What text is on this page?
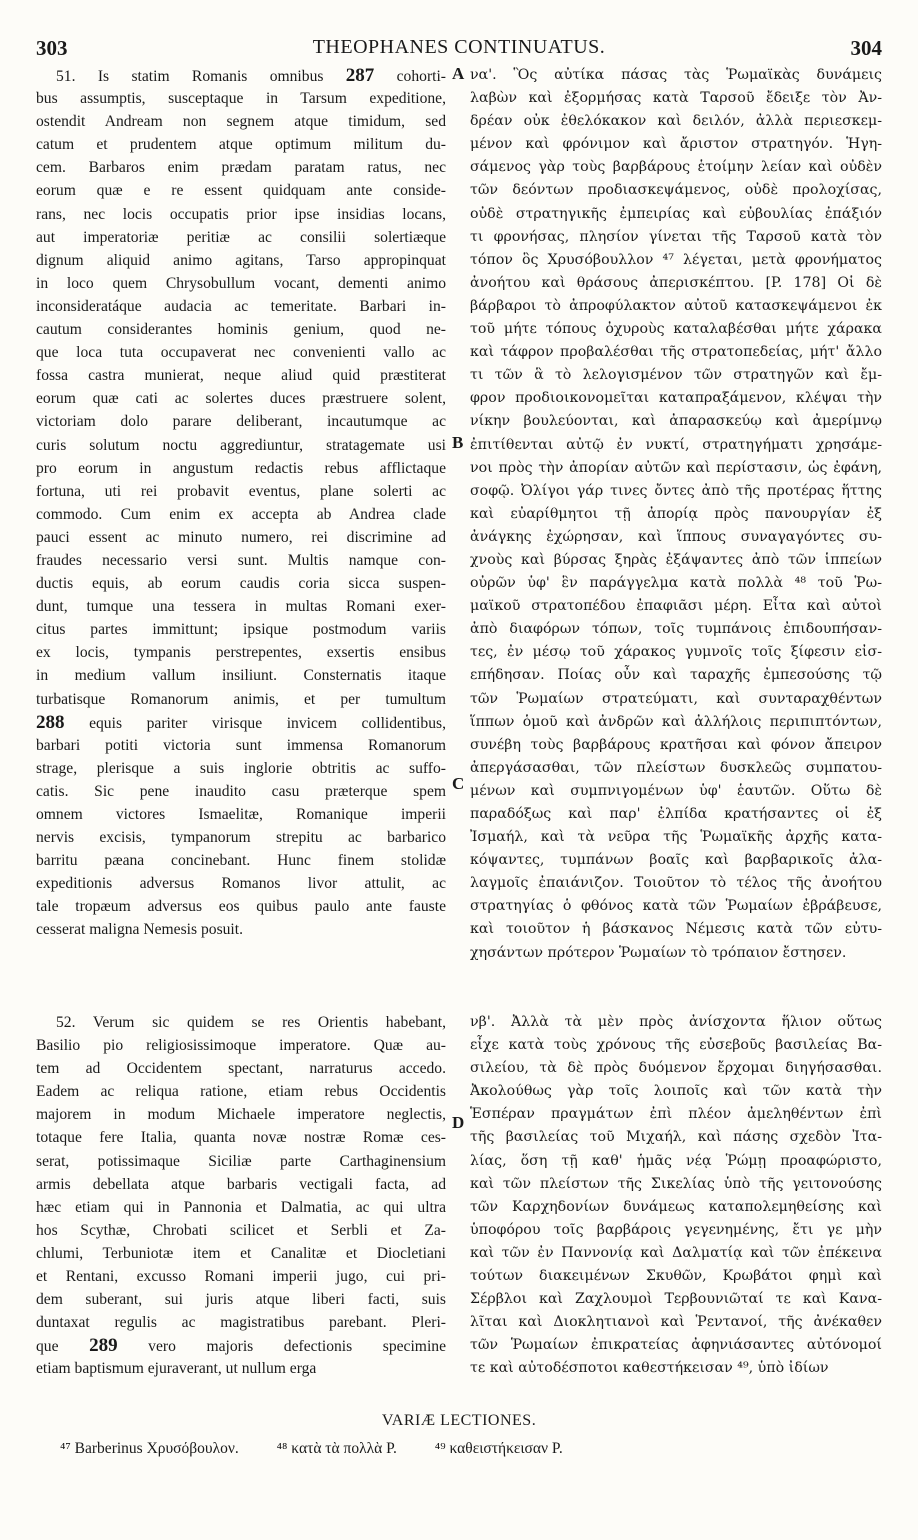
303	THEOPHANES CONTINUATUS.	304
51. Is statim Romanis omnibus 287 cohorti-
bus assumptis, susceptaque in Tarsum expeditione,
ostendit Andream non segnem atque timidum, sed
catum et prudentem atque optimum militum du-
cem. Barbaros enim prædam paratam ratus, nec
eorum quæ e re essent quidquam ante conside-
rans, nec locis occupatis prior ipse insidias locans,
aut imperatoriæ peritiæ ac consilii solertiæque
dignum aliquid animo agitans, Tarso appropinquat
in loco quem Chrysobullum vocant, dementi animo
inconsideratáque audacia ac temeritate. Barbari in-
cautum considerantes hominis genium, quod ne-
que loca tuta occupaverat nec convenienti vallo ac
fossa castra munierat, neque aliud quid præstiterat
eorum quæ cati ac solertes duces præstruere solent,
victoriam dolo parare deliberant, incautumque ac
curis solutum noctu aggrediuntur, stratagemate usi
pro eorum in angustum redactis rebus afflictaque
fortuna, uti rei probavit eventus, plane solerti ac
commodo. Cum enim ex accepta ab Andrea clade
pauci essent ac minuto numero, rei discrimine ad
fraudes necessario versi sunt. Multis namque con-
ductis equis, ab eorum caudis coria sicca suspen-
dunt, tumque una tessera in multas Romani exer-
citus partes immittunt; ipsique postmodum variis
ex locis, tympanis perstrepentes, exsertis ensibus
in medium vallum insiliunt. Consternatis itaque
turbatisque Romanorum animis, et per tumultum
288 equis pariter virisque invicem collidentibus,
barbari potiti victoria sunt immensa Romanorum
strage, plerisque a suis inglorie obtritis ac suffo-
catis. Sic pene inaudito casu præterque spem
omnem victores Ismaelitæ, Romanique imperii
nervis excisis, tympanorum strepitu ac barbarico
barritu pæana concinebant. Hunc finem stolidæ
expeditionis adversus Romanos livor attulit, ac
tale tropæum adversus eos quibus paulo ante fauste
cesserat maligna Nemesis posuit.
να'. Ὃς αὐτίκα πάσας τὰς Ῥωμαϊκὰς δυνάμεις
λαβὼν καὶ ἐξορμήσας κατὰ Ταρσοῦ ἔδειξε τὸν Ἀν-
δρέαν οὐκ ἐθελόκακον καὶ δειλόν, ἀλλὰ περιεσκεμ-
μένον καὶ φρόνιμον καὶ ἄριστον στρατηγόν. Ἡγη-
σάμενος γὰρ τοὺς βαρβάρους ἑτοίμην λείαν καὶ οὐδὲν
τῶν δεόντων προδιασκεψάμενος, οὐδὲ προλοχίσας,
οὐδὲ στρατηγικῆς ἐμπειρίας καὶ εὐβουλίας ἐπάξιόν
τι φρονήσας, πλησίον γίνεται τῆς Ταρσοῦ κατὰ τὸν
τόπον ὃς Χρυσόβουλλον ⁴⁷ λέγεται, μετὰ φρονήματος
ἀνοήτου καὶ θράσους ἀπερισκέπτου. [P. 178] Οἱ δὲ
βάρβαροι τὸ ἀπροφύλακτον αὐτοῦ κατασκεψάμενοι ἐκ
τοῦ μήτε τόπους ὀχυροὺς καταλαβέσθαι μήτε χάρακα
καὶ τάφρον προβαλέσθαι τῆς στρατοπεδείας, μήτ' ἄλλο
τι τῶν ἃ τὸ λελογισμένον τῶν στρατηγῶν καὶ ἔμ-
φρον προδιοικονομεῖται καταπραξάμενον, κλέψαι τὴν
νίκην βουλεύονται, καὶ ἀπαρασκεύῳ καὶ ἀμερίμνῳ
ἐπιτίθενται αὐτῷ ἐν νυκτί, στρατηγήματι χρησάμε-
νοι πρὸς τὴν ἀπορίαν αὐτῶν καὶ περίστασιν, ὡς ἐφάνη,
σοφῷ. Ὀλίγοι γάρ τινες ὄντες ἀπὸ τῆς προτέρας ἥττης
καὶ εὐαρίθμητοι τῇ ἀπορίᾳ πρὸς πανουργίαν ἐξ
ἀνάγκης ἐχώρησαν, καὶ ἵππους συναγαγόντες συ-
χνοὺς καὶ βύρσας ξηρὰς ἐξάψαντες ἀπὸ τῶν ἱππείων
οὐρῶν ὑφ' ἓν παράγγελμα κατὰ πολλὰ ⁴⁸ τοῦ Ῥω-
μαϊκοῦ στρατοπέδου ἐπαφιᾶσι μέρη. Εἶτα καὶ αὐτοὶ
ἀπὸ διαφόρων τόπων, τοῖς τυμπάνοις ἐπιδουπήσαν-
τες, ἐν μέσῳ τοῦ χάρακος γυμνοῖς τοῖς ξίφεσιν εἰσ-
επήδησαν. Ποίας οὖν καὶ ταραχῆς ἐμπεσούσης τῷ
τῶν Ῥωμαίων στρατεύματι, καὶ συνταραχθέντων
ἵππων ὁμοῦ καὶ ἀνδρῶν καὶ ἀλλήλοις περιπιπτόντων,
συνέβη τοὺς βαρβάρους κρατῆσαι καὶ φόνον ἄπειρον
ἀπεργάσασθαι, τῶν πλείστων δυσκλεῶς συμπατου-
μένων καὶ συμπνιγομένων ὑφ' ἑαυτῶν. Οὕτω δὲ
παραδόξως καὶ παρ' ἐλπίδα κρατήσαντες οἱ ἐξ
Ἰσμαήλ, καὶ τὰ νεῦρα τῆς Ῥωμαϊκῆς ἀρχῆς κατα-
κόψαντες, τυμπάνων βοαῖς καὶ βαρβαρικοῖς ἀλα-
λαγμοῖς ἐπαιάνιζον. Τοιοῦτον τὸ τέλος τῆς ἀνοήτου
στρατηγίας ὁ φθόνος κατὰ τῶν Ῥωμαίων ἐβράβευσε,
καὶ τοιοῦτον ἡ βάσκανος Νέμεσις κατὰ τῶν εὐτυ-
χησάντων πρότερον Ῥωμαίων τὸ τρόπαιον ἔστησεν.
52. Verum sic quidem se res Orientis habebant,
Basilio pio religiosissimoque imperatore. Quæ au-
tem ad Occidentem spectant, narraturus accedo.
Eadem ac reliqua ratione, etiam rebus Occidentis
majorem in modum Michaele imperatore neglectis,
totaque fere Italia, quanta novæ nostræ Romæ ces-
serat, potissimaque Siciliæ parte Carthaginensium
armis debellata atque barbaris vectigali facta, ad
hæc etiam qui in Pannonia et Dalmatia, ac qui ultra
hos Scythæ, Chrobati scilicet et Serbli et Za-
chlumi, Terbuniotæ item et Canalitæ et Diocletiani
et Rentani, excusso Romani imperii jugo, cui pri-
dem suberant, sui juris atque liberi facti, suis
duntaxat regulis ac magistratibus parebant. Pleri-
que 289 vero majoris defectionis specimine
etiam baptismum ejuraverant, ut nullum erga
νβ'. Ἀλλὰ τὰ μὲν πρὸς ἀνίσχοντα ἥλιον οὕτως
εἶχε κατὰ τοὺς χρόνους τῆς εὐσεβοῦς βασιλείας Βα-
σιλείου, τὰ δὲ πρὸς δυόμενον ἔρχομαι διηγήσασθαι.
Ἀκολούθως γὰρ τοῖς λοιποῖς καὶ τῶν κατὰ τὴν
Ἑσπέραν πραγμάτων ἐπὶ πλέον ἀμεληθέντων ἐπὶ
τῆς βασιλείας τοῦ Μιχαήλ, καὶ πάσης σχεδὸν Ἰτα-
λίας, ὅση τῇ καθ' ἡμᾶς νέᾳ Ῥώμῃ προαφώριστο,
καὶ τῶν πλείστων τῆς Σικελίας ὑπὸ τῆς γειτονούσης
τῶν Καρχηδονίων δυνάμεως καταπολεμηθείσης καὶ
ὑποφόρου τοῖς βαρβάροις γεγενημένης, ἔτι γε μὴν
καὶ τῶν ἐν Παννονίᾳ καὶ Δαλματίᾳ καὶ τῶν ἐπέκεινα
τούτων διακειμένων Σκυθῶν, Κρωβάτοι φημὶ καὶ
Σέρβλοι καὶ Ζαχλουμοὶ Τερβουνιῶταί τε καὶ Κανα-
λῖται καὶ Διοκλητιανοὶ καὶ Ῥεντανοί, τῆς ἀνέκαθεν
τῶν Ῥωμαίων ἐπικρατείας ἀφηνιάσαντες αὐτόνομοί
τε καὶ αὐτοδέσποτοι καθεστήκεισαν ⁴⁹, ὑπὸ ἰδίων
A
B
C
D
VARIÆ LECTIONES.
⁴⁷ Barberinus Χρυσόβουλον. ⁴⁸ κατὰ τὰ πολλὰ P. ⁴⁹ καθειστήκεισαν P.
